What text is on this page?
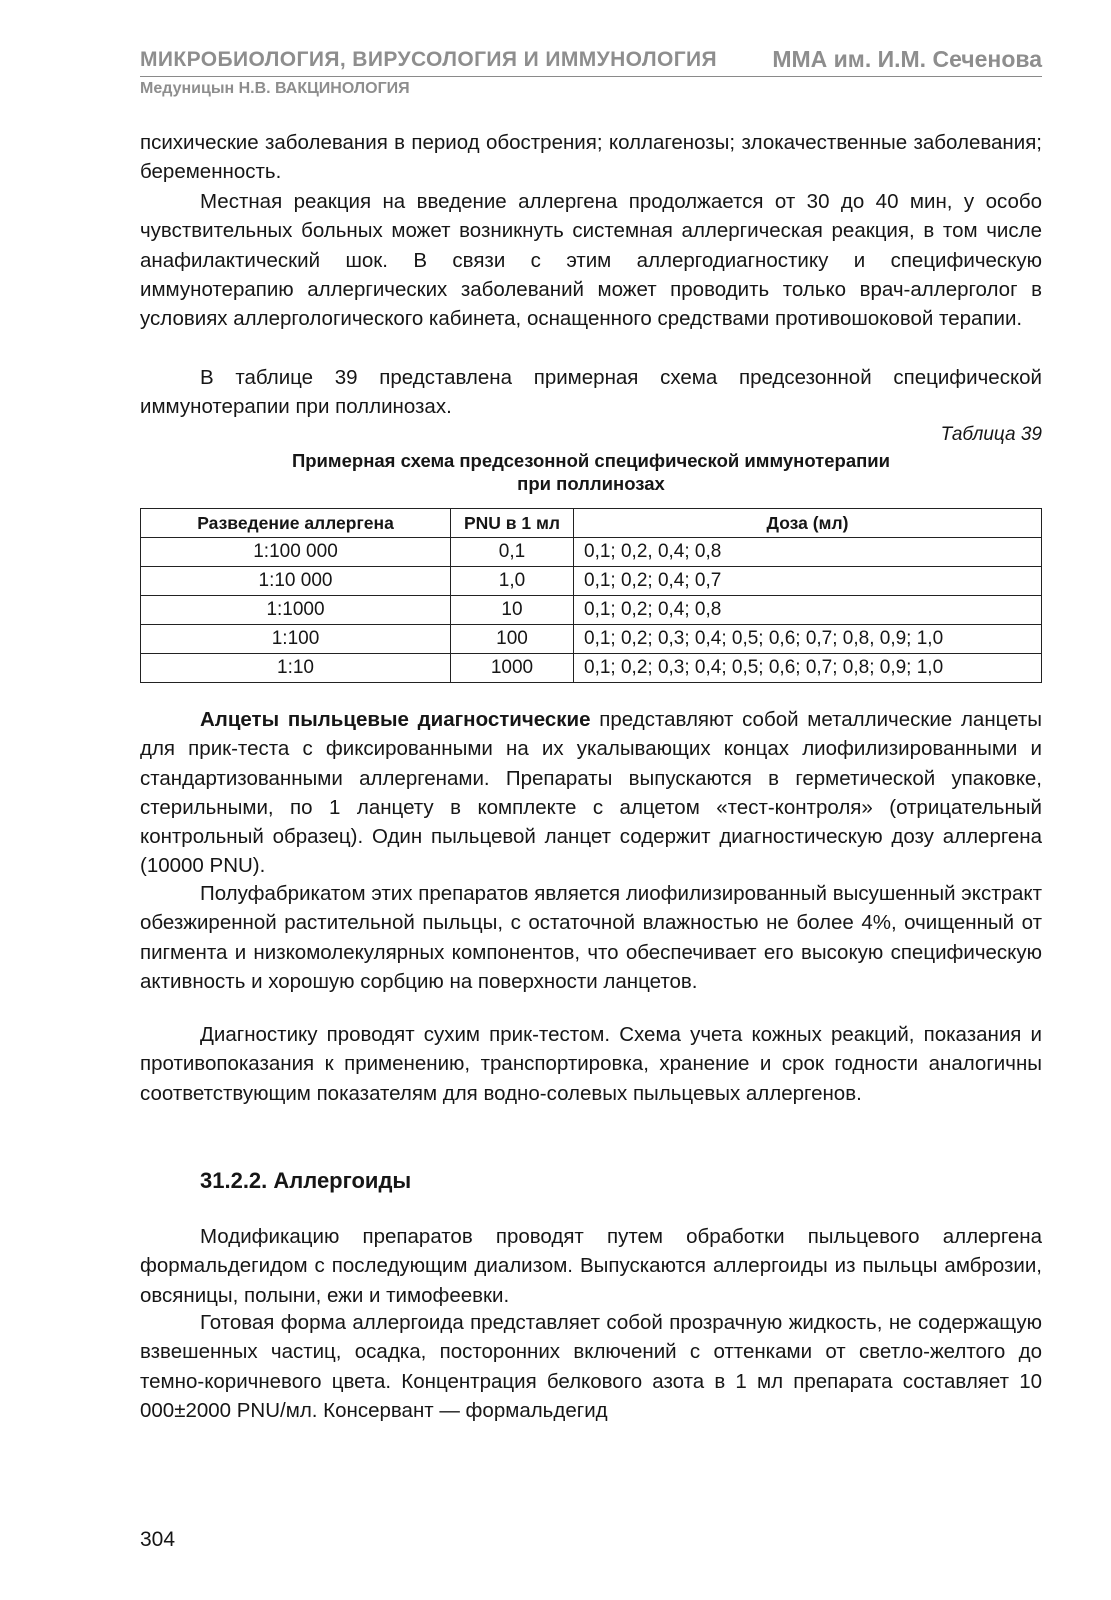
МИКРОБИОЛОГИЯ, ВИРУСОЛОГИЯ И ИММУНОЛОГИЯ ММА им. И.М. Сеченова
Медуницын Н.В. ВАКЦИНОЛОГИЯ

психические заболевания в период обострения; коллагенозы; злокачественные заболевания; беременность.

Местная реакция на введение аллергена продолжается от 30 до 40 мин, у особо чувствительных больных может возникнуть системная аллергическая реакция, в том числе анафилактический шок. В связи с этим аллергодиагностику и специфическую иммунотерапию аллергических заболеваний может проводить только врач-аллерголог в условиях аллергологического кабинета, оснащенного средствами противошоковой терапии.

В таблице 39 представлена примерная схема предсезонной специфической иммунотерапии при поллинозах.

Таблица 39
Примерная схема предсезонной специфической иммунотерапии
при поллинозах
Разведение аллергена	PNU в 1 мл	Доза (мл)
1:100 000	0,1	0,1; 0,2, 0,4; 0,8
1:10 000	1,0	0,1; 0,2; 0,4; 0,7
1:1000	10	0,1; 0,2; 0,4; 0,8
1:100	100	0,1; 0,2; 0,3; 0,4; 0,5; 0,6; 0,7; 0,8, 0,9; 1,0
1:10	1000	0,1; 0,2; 0,3; 0,4; 0,5; 0,6; 0,7; 0,8; 0,9; 1,0

Алцеты пыльцевые диагностические представляют собой металлические ланцеты для прик-теста с фиксированными на их укалывающих концах лиофилизированными и стандартизованными аллергенами. Препараты выпускаются в герметической упаковке, стерильными, по 1 ланцету в комплекте с алцетом «тест-контроля» (отрицательный контрольный образец). Один пыльцевой ланцет содержит диагностическую дозу аллергена (10000 PNU).

Полуфабрикатом этих препаратов является лиофилизированный высушенный экстракт обезжиренной растительной пыльцы, с остаточной влажностью не более 4%, очищенный от пигмента и низкомолекулярных компонентов, что обеспечивает его высокую специфическую активность и хорошую сорбцию на поверхности ланцетов.

Диагностику проводят сухим прик-тестом. Схема учета кожных реакций, показания и противопоказания к применению, транспортировка, хранение и срок годности аналогичны соответствующим показателям для водно-солевых пыльцевых аллергенов.

31.2.2. Аллергоиды

Модификацию препаратов проводят путем обработки пыльцевого аллергена формальдегидом с последующим диализом. Выпускаются аллергоиды из пыльцы амброзии, овсяницы, полыни, ежи и тимофеевки.

Готовая форма аллергоида представляет собой прозрачную жидкость, не содержащую взвешенных частиц, осадка, посторонних включений с оттенками от светло-желтого до темно-коричневого цвета. Концентрация белкового азота в 1 мл препарата составляет 10 000±2000 PNU/мл. Консервант — формальдегид

304
